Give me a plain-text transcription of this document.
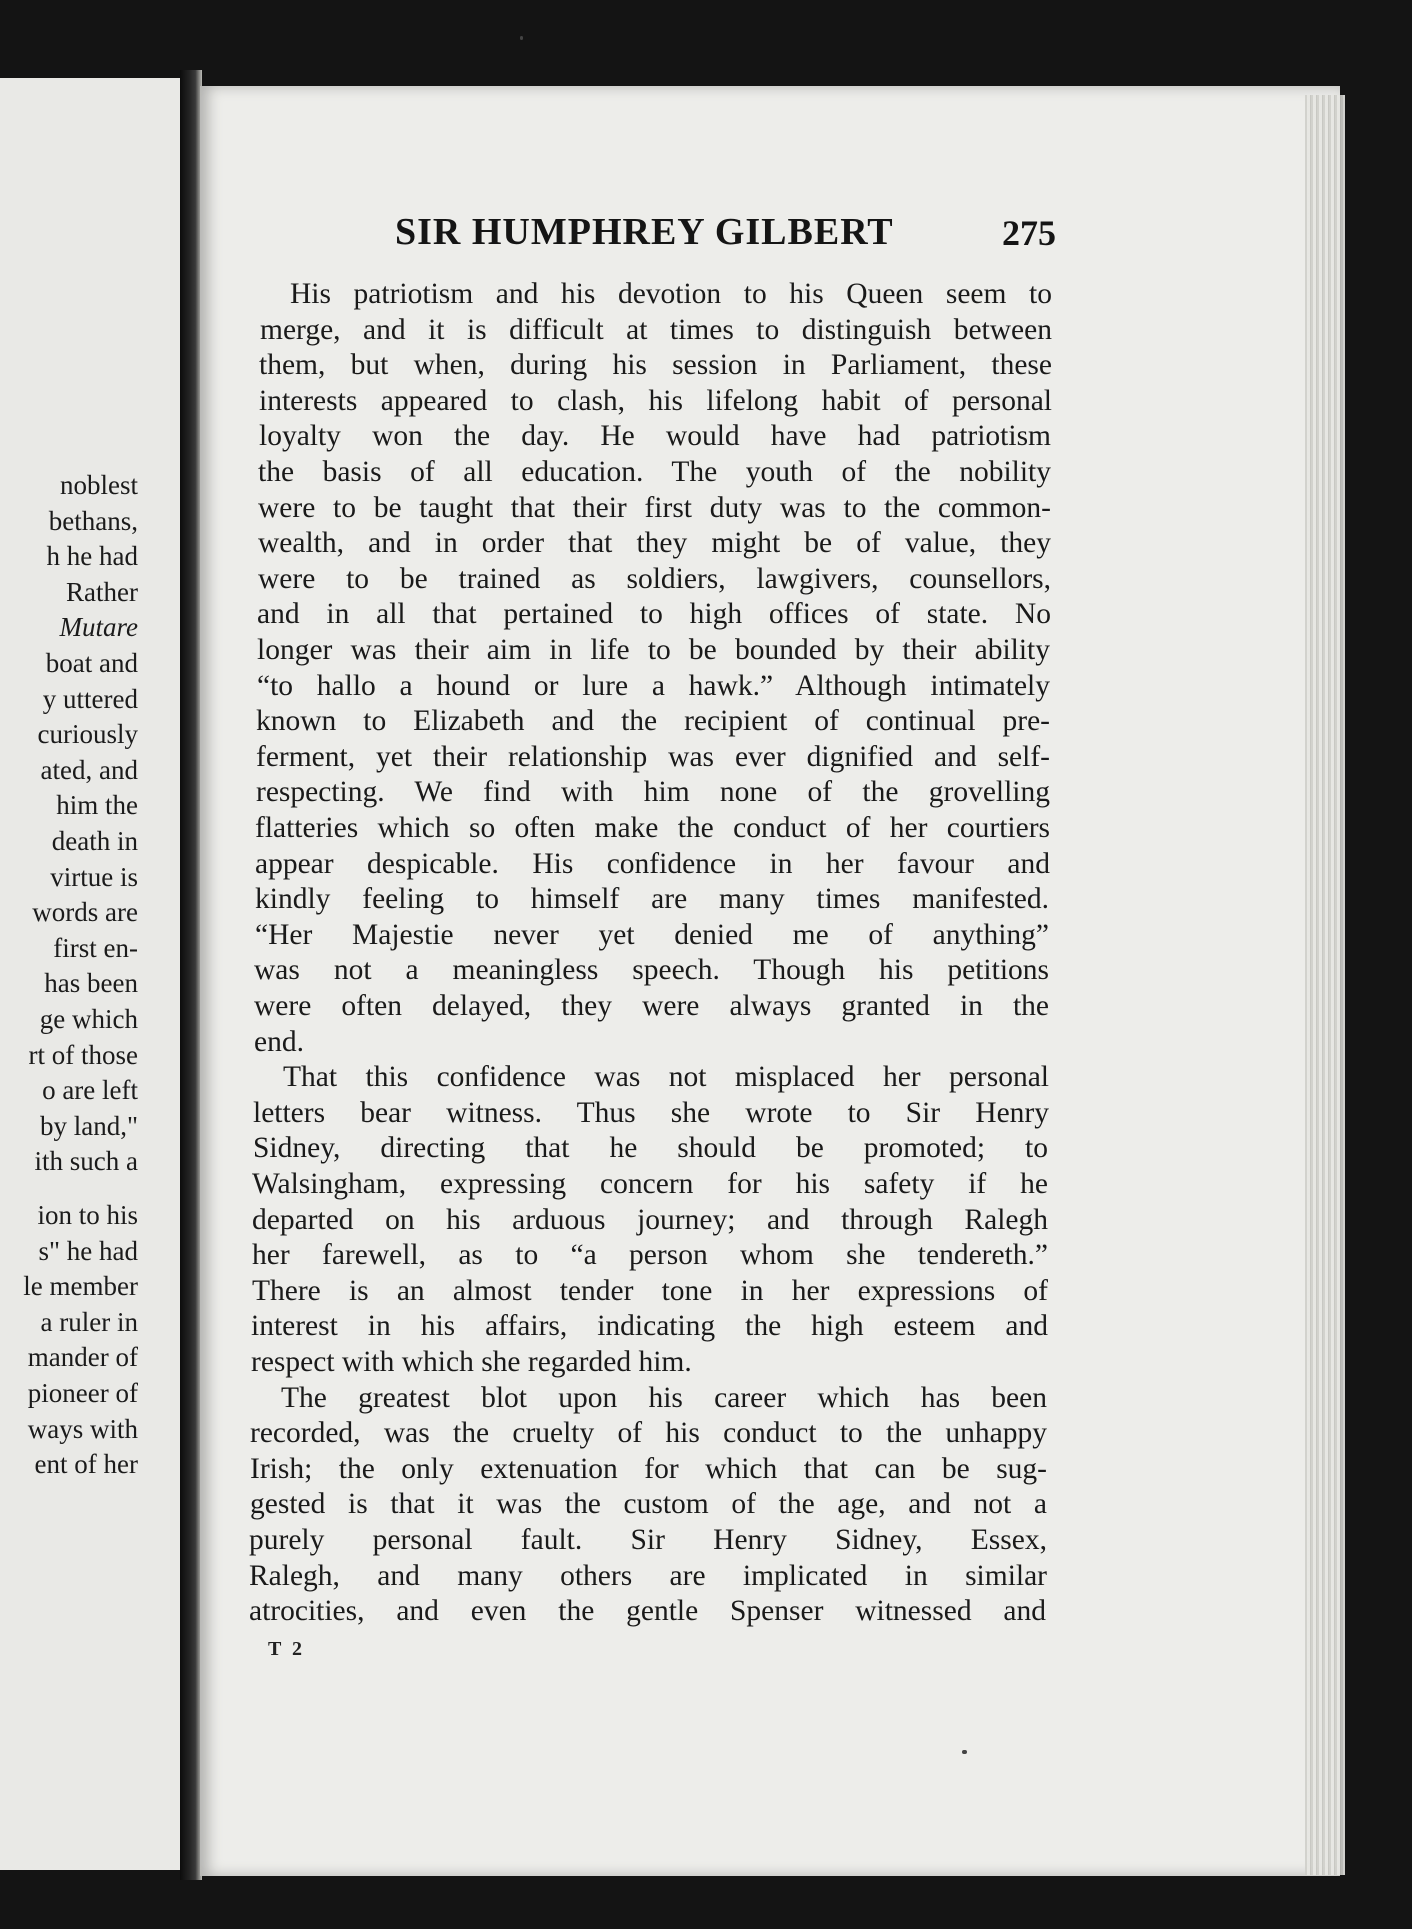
noblest
bethans,
h he had
Rather
Mutare
boat and
y uttered
curiously
ated, and
him the
death in
virtue is
words are
first en-
has been
ge which
rt of those
o are left
by land,"
ith such a
ion to his
s" he had
le member
a ruler in
mander of
pioneer of
ways with
ent of her
SIR HUMPHREY GILBERT	275
His patriotism and his devotion to his Queen seem to
merge, and it is difficult at times to distinguish between
them, but when, during his session in Parliament, these
interests appeared to clash, his lifelong habit of personal
loyalty won the day. He would have had patriotism
the basis of all education. The youth of the nobility
were to be taught that their first duty was to the common-
wealth, and in order that they might be of value, they
were to be trained as soldiers, lawgivers, counsellors,
and in all that pertained to high offices of state. No
longer was their aim in life to be bounded by their ability
“to hallo a hound or lure a hawk.” Although intimately
known to Elizabeth and the recipient of continual pre-
ferment, yet their relationship was ever dignified and self-
respecting. We find with him none of the grovelling
flatteries which so often make the conduct of her courtiers
appear despicable. His confidence in her favour and
kindly feeling to himself are many times manifested.
“Her Majestie never yet denied me of anything”
was not a meaningless speech. Though his petitions
were often delayed, they were always granted in the
end.
That this confidence was not misplaced her personal
letters bear witness. Thus she wrote to Sir Henry
Sidney, directing that he should be promoted; to
Walsingham, expressing concern for his safety if he
departed on his arduous journey; and through Ralegh
her farewell, as to “a person whom she tendereth.”
There is an almost tender tone in her expressions of
interest in his affairs, indicating the high esteem and
respect with which she regarded him.
The greatest blot upon his career which has been
recorded, was the cruelty of his conduct to the unhappy
Irish; the only extenuation for which that can be sug-
gested is that it was the custom of the age, and not a
purely personal fault. Sir Henry Sidney, Essex,
Ralegh, and many others are implicated in similar
atrocities, and even the gentle Spenser witnessed and
T 2
